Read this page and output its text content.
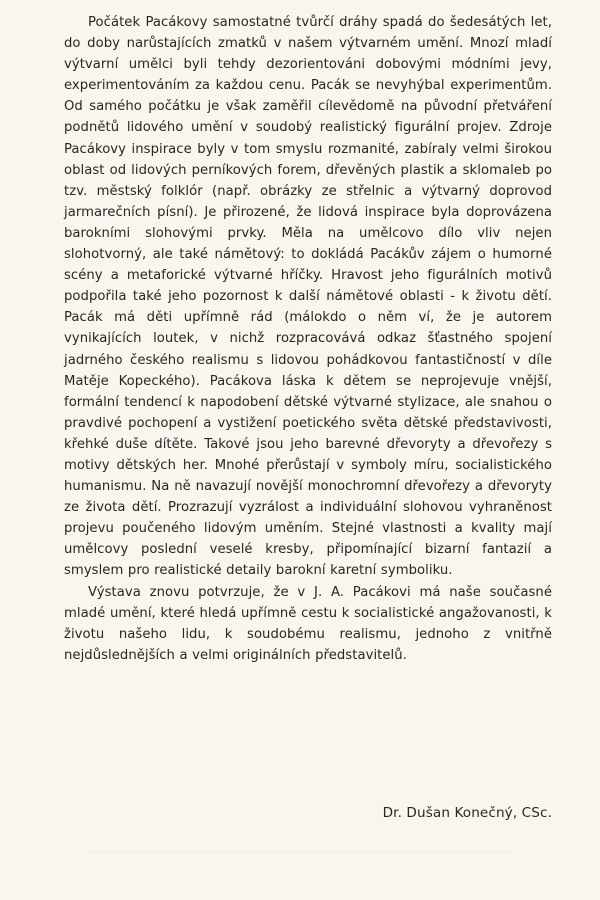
Počátek Pacákovy samostatné tvůrčí dráhy spadá do šedesátých let, do doby narůstajících zmatků v našem výtvarném umění. Mnozí mladí výtvarní umělci byli tehdy dezorientováni dobovými módními jevy, experimentováním za každou cenu. Pacák se nevyhýbal experimentům. Od samého počátku je však zaměřil cílevědomě na původní přetváření podnětů lidového umění v soudobý realistický figurální projev. Zdroje Pacákovy inspirace byly v tom smyslu rozmanité, zabíraly velmi širokou oblast od lidových perníkových forem, dřevěných plastik a sklomaleb po tzv. městský folklór (např. obrázky ze střelnic a výtvarný doprovod jarmarečních písní). Je přirozené, že lidová inspirace byla doprovázena barokními slohovými prvky. Měla na umělcovo dílo vliv nejen slohotvorný, ale také námětový: to dokládá Pacákův zájem o humorné scény a metaforické výtvarné hříčky. Hravost jeho figurálních motivů podpořila také jeho pozornost k další námětové oblasti - k životu dětí. Pacák má děti upřímně rád (málokdo o něm ví, že je autorem vynikajících loutek, v nichž rozpracovává odkaz šťastného spojení jadrného českého realismu s lidovou pohádkovou fantastičností v díle Matěje Kopeckého). Pacákova láska k dětem se neprojevuje vnější, formální tendencí k napodobení dětské výtvarné stylizace, ale snahou o pravdivé pochopení a vystižení poetického světa dětské představivosti, křehké duše dítěte. Takové jsou jeho barevné dřevoryty a dřevořezy s motivy dětských her. Mnohé přerůstají v symboly míru, socialistického humanismu. Na ně navazují novější monochromní dřevořezy a dřevoryty ze života dětí. Prozrazují vyzrálost a individuální slohovou vyhraněnost projevu poučeného lidovým uměním. Stejné vlastnosti a kvality mají umělcovy poslední veselé kresby, připomínající bizarní fantazií a smyslem pro realistické detaily barokní karetní symboliku.

Výstava znovu potvrzuje, že v J. A. Pacákovi má naše současné mladé umění, které hledá upřímně cestu k socialistické angažovanosti, k životu našeho lidu, k soudobému realismu, jednoho z vnitřně nejdůslednějších a velmi originálních představitelů.

Dr. Dušan Konečný, CSc.
